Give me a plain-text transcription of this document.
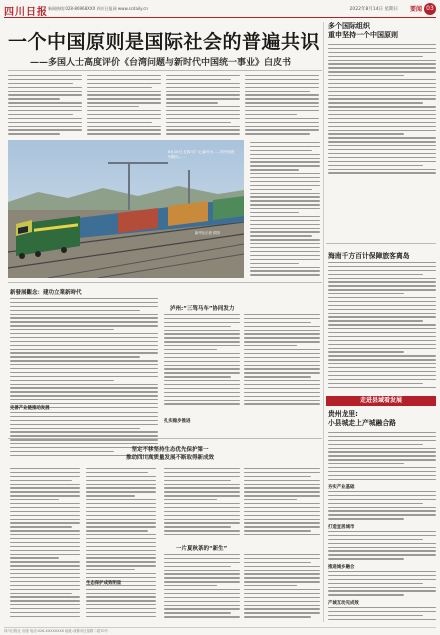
四川日报 新闻热线:028-86968XXX 四川日报网 www.scdaily.cn	2022年8月14日 星期日 要闻 03
一个中国原则是国际社会的普遍共识
——多国人士高度评价《台湾问题与新时代中国统一事业》白皮书
8月10日,在四川广元,编号为……的中欧班列驶出……
新华社记者 供图
新發展觀念：建功立業新時代
完善产业链推动发展
泸州:“三驾马车”协同发力
扎实稳步推进
坚定不移坚持生态优先保护第一
推动四川高质量发展不断取得新成效
生态保护成效明显
一片夏秋茶的“新生”
多个国际组织
重申坚持一个中国原则
海南千方百计保障旅客离岛
走进县域看发展
贵州龙里:
小县城走上产城融合路
夯实产业基础
打造宜居城市
推进城乡融合
产城互动见成效
四川日报社 出版 电话:028-XXXXXXXX 地址:成都市红星路二段70号
